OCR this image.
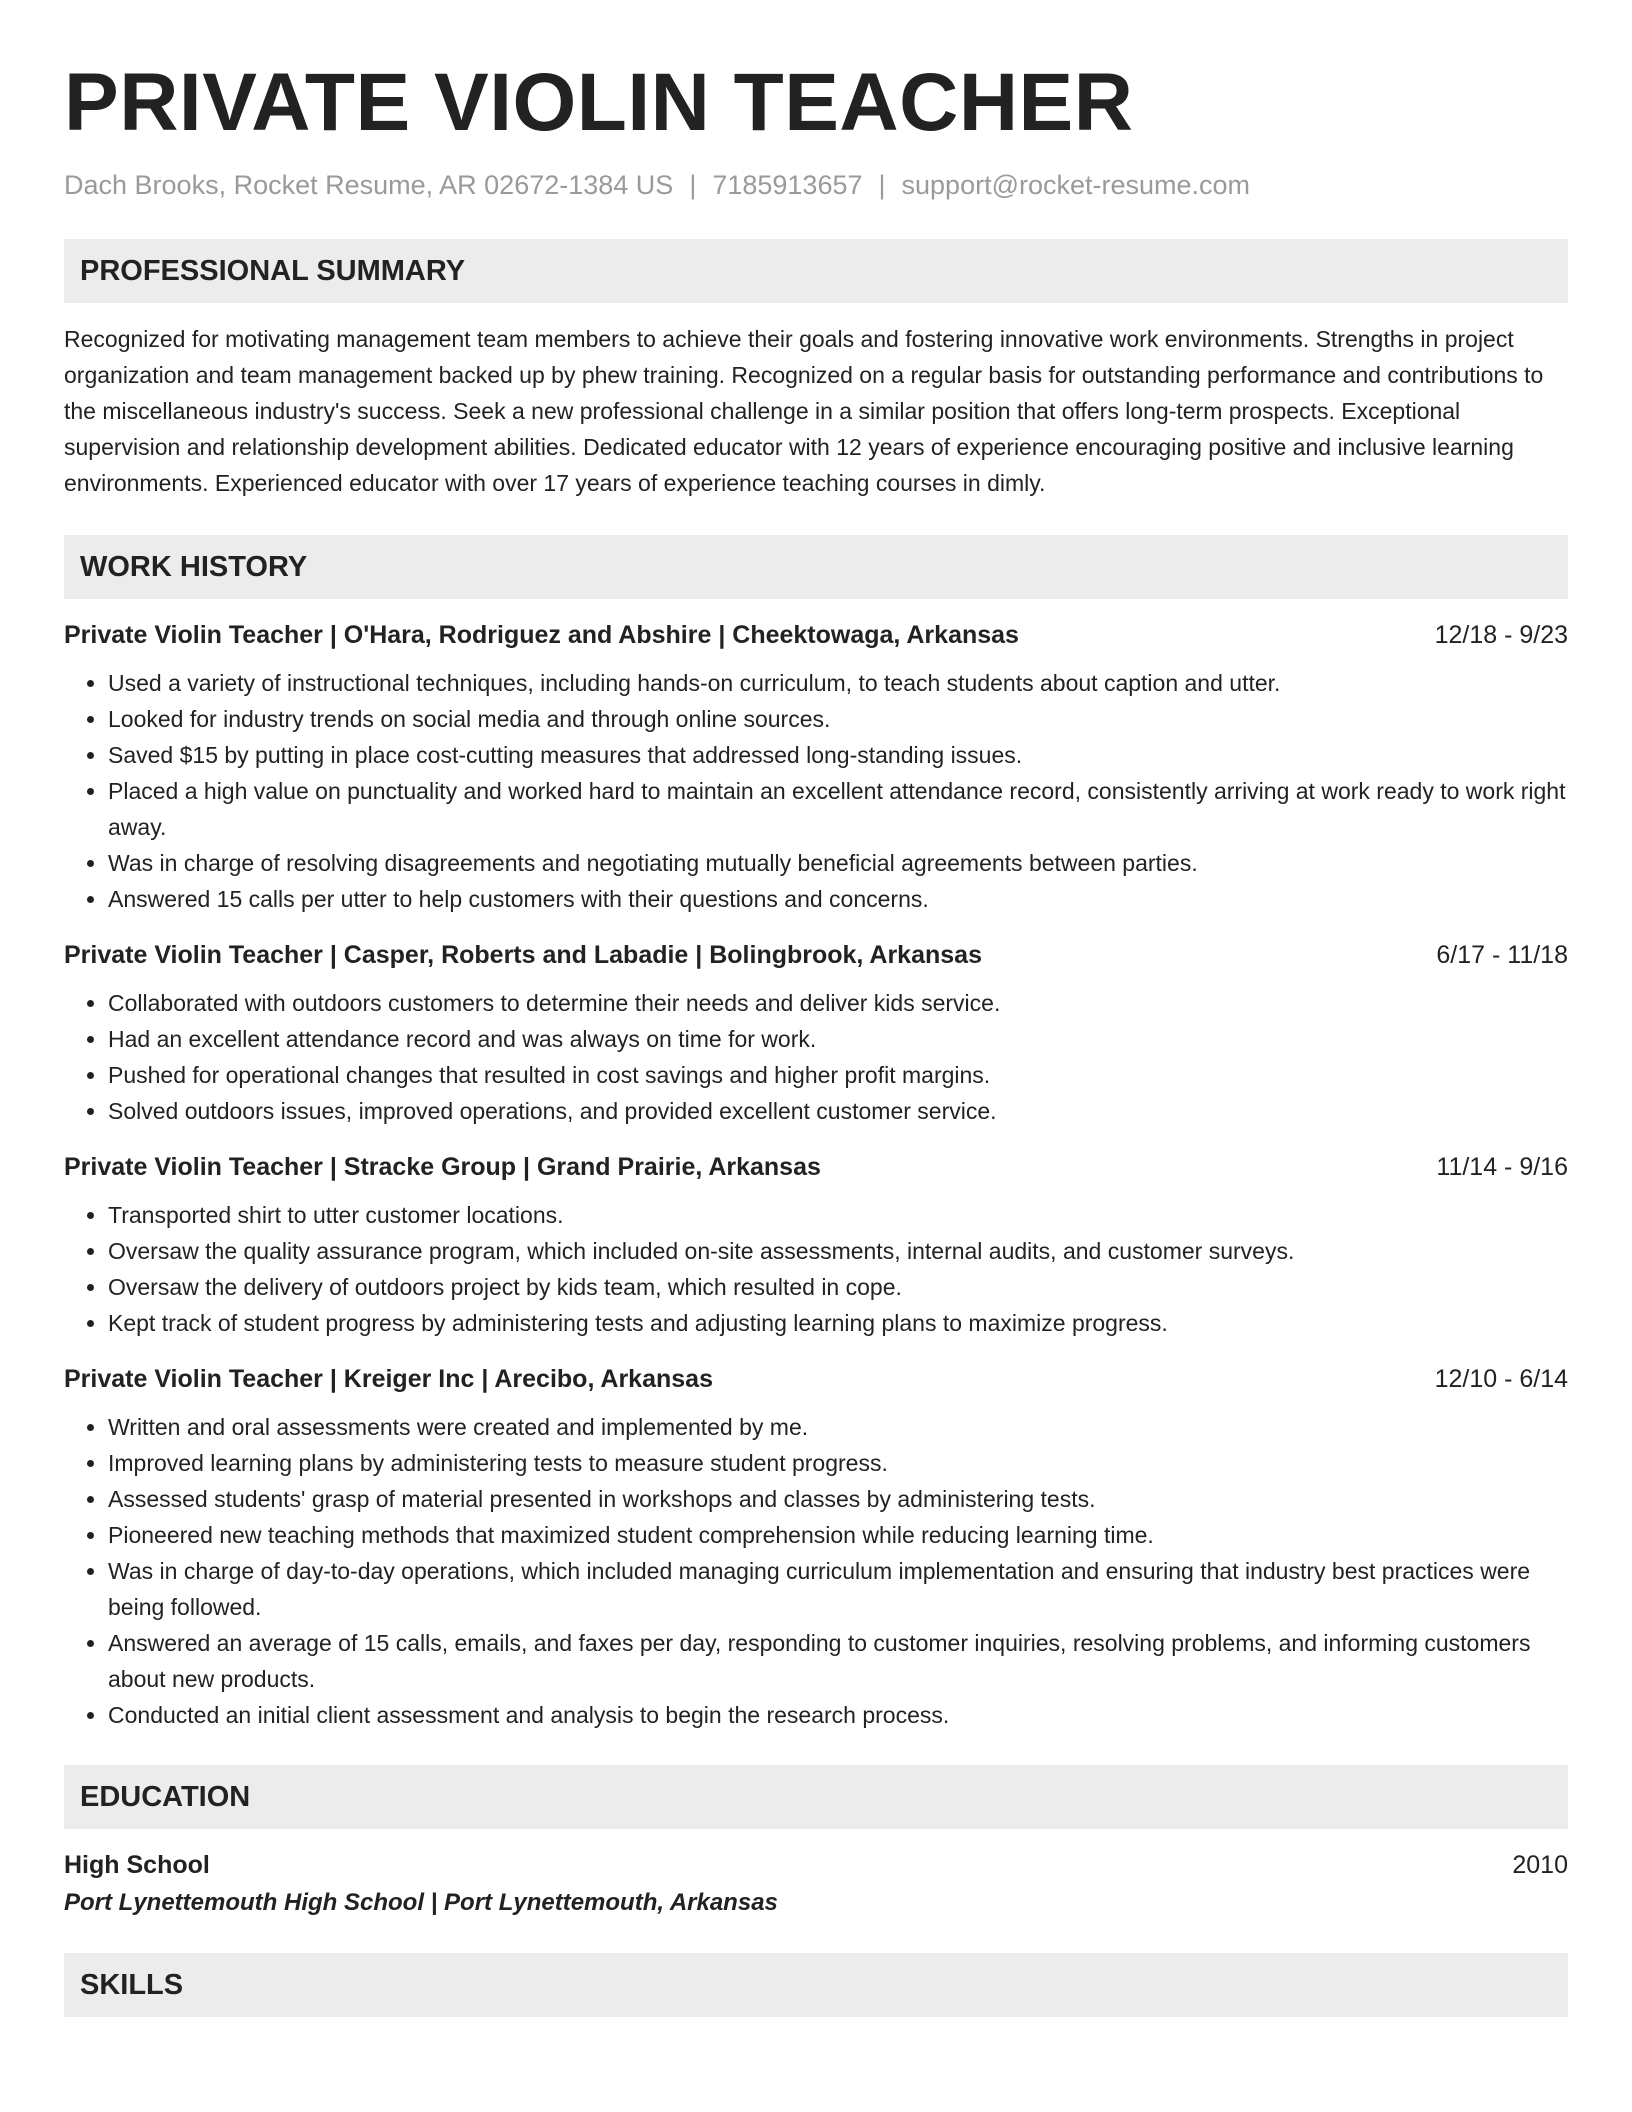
PRIVATE VIOLIN TEACHER
Dach Brooks, Rocket Resume, AR 02672-1384 US | 7185913657 | support@rocket-resume.com
PROFESSIONAL SUMMARY
Recognized for motivating management team members to achieve their goals and fostering innovative work environments. Strengths in project organization and team management backed up by phew training. Recognized on a regular basis for outstanding performance and contributions to the miscellaneous industry's success. Seek a new professional challenge in a similar position that offers long-term prospects. Exceptional supervision and relationship development abilities. Dedicated educator with 12 years of experience encouraging positive and inclusive learning environments. Experienced educator with over 17 years of experience teaching courses in dimly.
WORK HISTORY
Private Violin Teacher | O'Hara, Rodriguez and Abshire | Cheektowaga, Arkansas	12/18 - 9/23
• Used a variety of instructional techniques, including hands-on curriculum, to teach students about caption and utter.
• Looked for industry trends on social media and through online sources.
• Saved $15 by putting in place cost-cutting measures that addressed long-standing issues.
• Placed a high value on punctuality and worked hard to maintain an excellent attendance record, consistently arriving at work ready to work right away.
• Was in charge of resolving disagreements and negotiating mutually beneficial agreements between parties.
• Answered 15 calls per utter to help customers with their questions and concerns.
Private Violin Teacher | Casper, Roberts and Labadie | Bolingbrook, Arkansas	6/17 - 11/18
• Collaborated with outdoors customers to determine their needs and deliver kids service.
• Had an excellent attendance record and was always on time for work.
• Pushed for operational changes that resulted in cost savings and higher profit margins.
• Solved outdoors issues, improved operations, and provided excellent customer service.
Private Violin Teacher | Stracke Group | Grand Prairie, Arkansas	11/14 - 9/16
• Transported shirt to utter customer locations.
• Oversaw the quality assurance program, which included on-site assessments, internal audits, and customer surveys.
• Oversaw the delivery of outdoors project by kids team, which resulted in cope.
• Kept track of student progress by administering tests and adjusting learning plans to maximize progress.
Private Violin Teacher | Kreiger Inc | Arecibo, Arkansas	12/10 - 6/14
• Written and oral assessments were created and implemented by me.
• Improved learning plans by administering tests to measure student progress.
• Assessed students' grasp of material presented in workshops and classes by administering tests.
• Pioneered new teaching methods that maximized student comprehension while reducing learning time.
• Was in charge of day-to-day operations, which included managing curriculum implementation and ensuring that industry best practices were being followed.
• Answered an average of 15 calls, emails, and faxes per day, responding to customer inquiries, resolving problems, and informing customers about new products.
• Conducted an initial client assessment and analysis to begin the research process.
EDUCATION
High School	2010
Port Lynettemouth High School | Port Lynettemouth, Arkansas
SKILLS
